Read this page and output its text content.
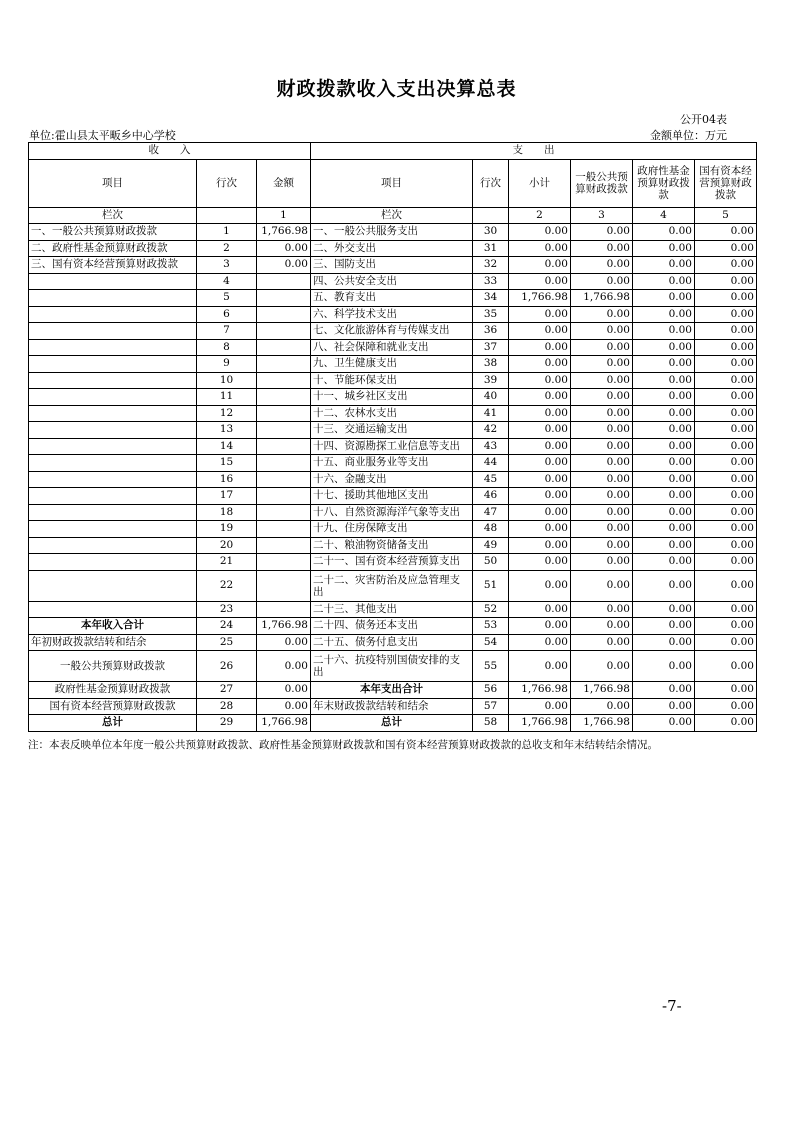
财政拨款收入支出决算总表
公开04表
单位:霍山县太平畈乡中心学校	金额单位：万元
收　　入			支　　出					
项目	行次	金额	项目	行次	小计	一般公共预算财政拨款	政府性基金预算财政拨款	国有资本经营预算财政拨款
栏次		1	栏次		2	3	4	5
一、一般公共预算财政拨款	1	1,766.98	一、一般公共服务支出	30	0.00	0.00	0.00	0.00
二、政府性基金预算财政拨款	2	0.00	二、外交支出	31	0.00	0.00	0.00	0.00
三、国有资本经营预算财政拨款	3	0.00	三、国防支出	32	0.00	0.00	0.00	0.00
	4		四、公共安全支出	33	0.00	0.00	0.00	0.00
	5		五、教育支出	34	1,766.98	1,766.98	0.00	0.00
	6		六、科学技术支出	35	0.00	0.00	0.00	0.00
	7		七、文化旅游体育与传媒支出	36	0.00	0.00	0.00	0.00
	8		八、社会保障和就业支出	37	0.00	0.00	0.00	0.00
	9		九、卫生健康支出	38	0.00	0.00	0.00	0.00
	10		十、节能环保支出	39	0.00	0.00	0.00	0.00
	11		十一、城乡社区支出	40	0.00	0.00	0.00	0.00
	12		十二、农林水支出	41	0.00	0.00	0.00	0.00
	13		十三、交通运输支出	42	0.00	0.00	0.00	0.00
	14		十四、资源勘探工业信息等支出	43	0.00	0.00	0.00	0.00
	15		十五、商业服务业等支出	44	0.00	0.00	0.00	0.00
	16		十六、金融支出	45	0.00	0.00	0.00	0.00
	17		十七、援助其他地区支出	46	0.00	0.00	0.00	0.00
	18		十八、自然资源海洋气象等支出	47	0.00	0.00	0.00	0.00
	19		十九、住房保障支出	48	0.00	0.00	0.00	0.00
	20		二十、粮油物资储备支出	49	0.00	0.00	0.00	0.00
	21		二十一、国有资本经营预算支出	50	0.00	0.00	0.00	0.00
	22		二十二、灾害防治及应急管理支出	51	0.00	0.00	0.00	0.00
	23		二十三、其他支出	52	0.00	0.00	0.00	0.00
本年收入合计	24	1,766.98	二十四、债务还本支出	53	0.00	0.00	0.00	0.00
年初财政拨款结转和结余	25	0.00	二十五、债务付息支出	54	0.00	0.00	0.00	0.00
一般公共预算财政拨款	26	0.00	二十六、抗疫特别国债安排的支出	55	0.00	0.00	0.00	0.00
政府性基金预算财政拨款	27	0.00	本年支出合计	56	1,766.98	1,766.98	0.00	0.00
国有资本经营预算财政拨款	28	0.00	年末财政拨款结转和结余	57	0.00	0.00	0.00	0.00
总计	29	1,766.98	总计	58	1,766.98	1,766.98	0.00	0.00
注：本表反映单位本年度一般公共预算财政拨款、政府性基金预算财政拨款和国有资本经营预算财政拨款的总收支和年末结转结余情况。
-7-
